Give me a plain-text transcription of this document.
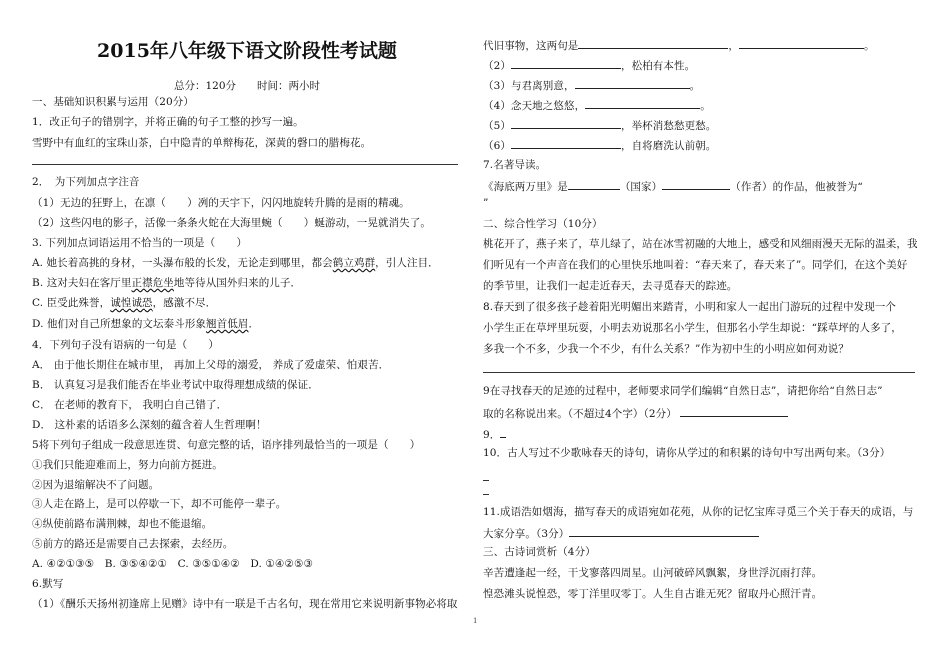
2015年八年级下语文阶段性考试题
总分：120分　　时间：两小时
一、基础知识积累与运用（20分）
1．改正句子的错别字，并将正确的句子工整的抄写一遍。
雪野中有血红的宝珠山茶，白中隐青的单辩梅花，深黄的磬口的腊梅花。
2．　为下列加点字注音
（1）无边的狂野上，在凛（　　）冽的天宇下，闪闪地旋转升腾的是雨的精魂。
（2）这些闪电的影子，活像一条条火蛇在大海里蜿（　　）蜒游动，一晃就消失了。
3. 下列加点词语运用不恰当的一项是（　　）
A. 她长着高挑的身材，一头瀑布般的长发，无论走到哪里，都会鹤立鸡群，引人注目．
B. 这对夫妇在客厅里正襟危坐地等待从国外归来的儿子．
C. 臣受此殊誉，诚惶诚恐，感激不尽．
D. 他们对自己所想象的文坛泰斗形象翘首低眉．
4．下列句子没有语病的一句是（　　）
A． 由于他长期住在城市里， 再加上父母的溺爱， 养成了爱虚荣、怕艰苦．
B． 认真复习是我们能否在毕业考试中取得理想成绩的保证．
C． 在老师的教育下， 我明白自己错了．
D． 这朴素的话语多么深刻的蕴含着人生哲理啊！
5将下列句子组成一段意思连贯、句意完整的话，语序排列最恰当的一项是（　　）
①我们只能迎难而上，努力向前方挺进。
②因为退缩解决不了问题。
③人走在路上，是可以停歇一下，却不可能停一辈子。
④纵使前路布满荆棘，却也不能退缩。
⑤前方的路还是需要自己去探索，去经历。
A. ④②①③⑤　B. ③⑤④②①　C. ③⑤①④②　D. ①④②⑤③
6.默写
（1）《酬乐天扬州初逢席上见赠》诗中有一联是千古名句，现在常用它来说明新事物必将取
代旧事物，这两句是	，	。
（2）	，松柏有本性。
（3）与君离别意，	。
（4）念天地之悠悠，	。
（5）	，举杯消愁愁更愁。
（6）	，自将磨洗认前朝。
7.名著导读。
《海底两万里》是	（国家）	（作者）的作品，他被誉为“
”
二、综合性学习（10分）
桃花开了，燕子来了，草儿绿了，站在冰雪初融的大地上，感受和风细雨漫天无际的温柔，我
们听见有一个声音在我们的心里快乐地叫着：“春天来了，春天来了”。同学们，在这个美好
的季节里，让我们一起走近春天，去寻觅春天的踪迹。
8.春天到了很多孩子趁着阳光明媚出来踏青，小明和家人一起出门游玩的过程中发现一个
小学生正在草坪里玩耍，小明去劝说那名小学生，但那名小学生却说：“踩草坪的人多了，
多我一个不多，少我一个不少，有什么关系？”作为初中生的小明应如何劝说？
9在寻找春天的足迹的过程中，老师要求同学们编辑“自然日志”，请把你给“自然日志”
取的名称说出来。（不超过4个字）（2分）
9．
10．古人写过不少歌咏春天的诗句，请你从学过的和积累的诗句中写出两句来。（3分）
11.成语浩如烟海，描写春天的成语宛如花苑，从你的记忆宝库寻觅三个关于春天的成语，与
大家分享。（3分）
三、古诗词赏析（4分）
辛苦遭逢起一经，干戈寥落四周星。山河破碎风飘絮，身世浮沉雨打萍。
惶恐滩头说惶恐，零丁洋里叹零丁。人生自古谁无死？留取丹心照汗青。
1
